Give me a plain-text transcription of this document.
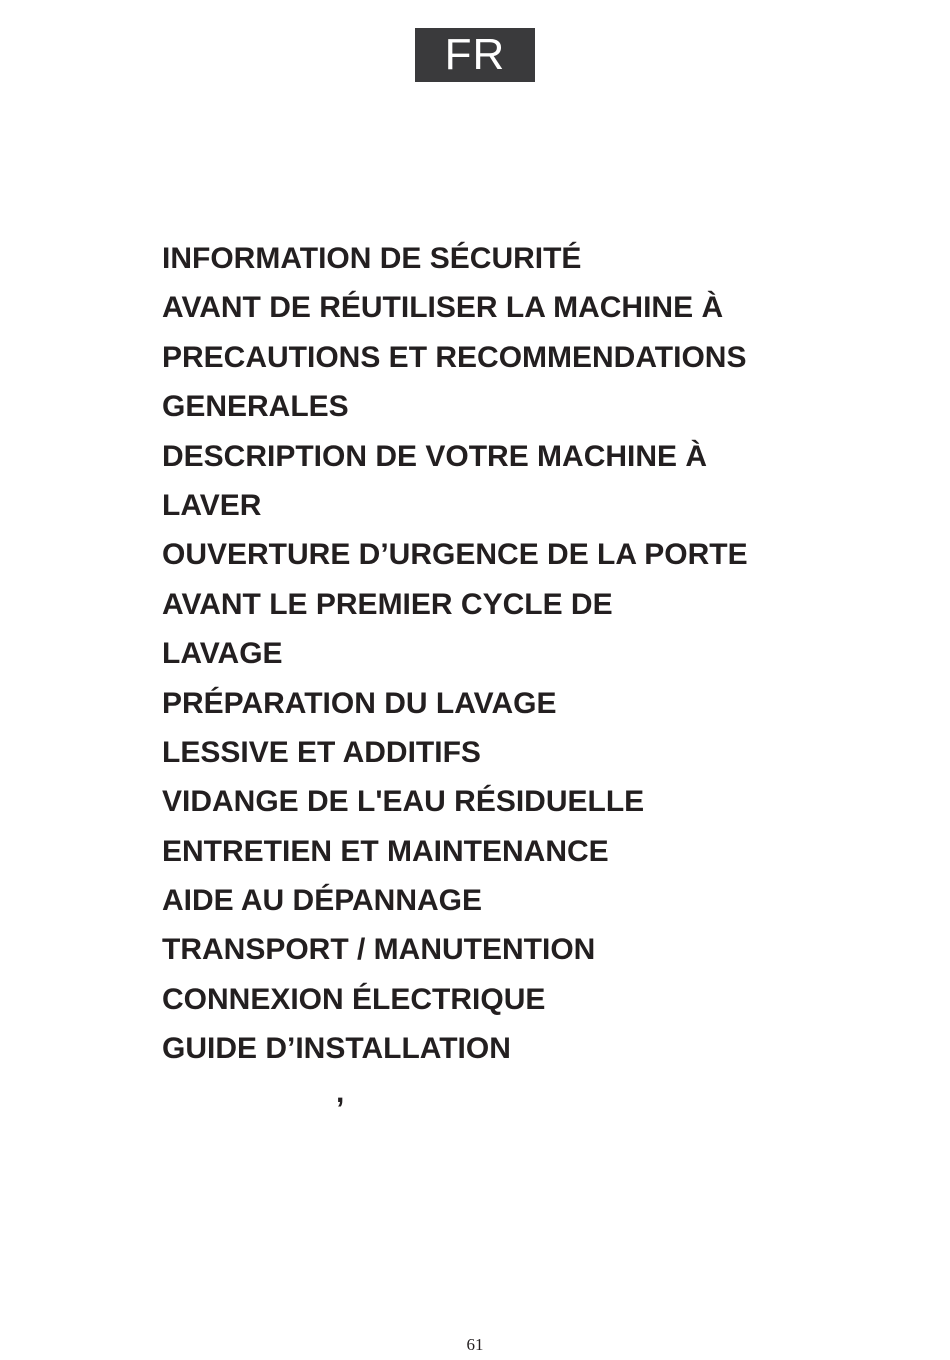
FR
INFORMATION DE SÉCURITÉ
AVANT DE RÉUTILISER LA MACHINE À
PRECAUTIONS ET RECOMMENDATIONS
GENERALES
DESCRIPTION DE VOTRE MACHINE À
LAVER
OUVERTURE D’URGENCE DE LA PORTE
AVANT LE PREMIER CYCLE DE
LAVAGE
PRÉPARATION DU LAVAGE
LESSIVE ET ADDITIFS
VIDANGE DE L'EAU RÉSIDUELLE
ENTRETIEN ET MAINTENANCE
AIDE AU DÉPANNAGE
TRANSPORT / MANUTENTION
CONNEXION ÉLECTRIQUE
GUIDE D’INSTALLATION
,
61
